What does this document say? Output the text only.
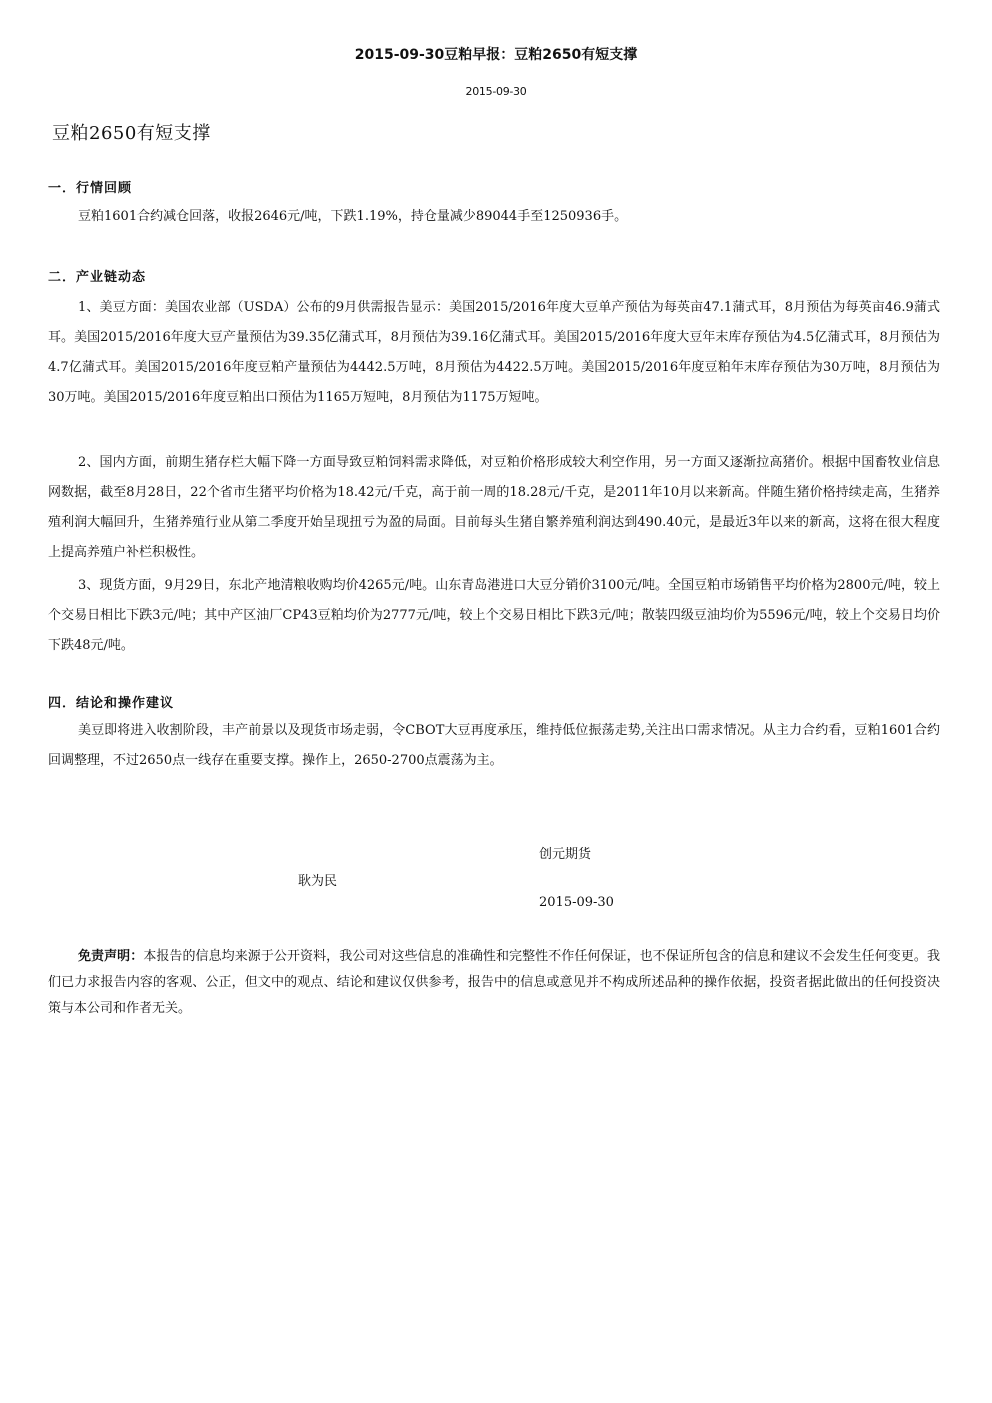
2015-09-30豆粕早报：豆粕2650有短支撑
2015-09-30
豆粕2650有短支撑
一．行情回顾
豆粕1601合约减仓回落，收报2646元/吨，下跌1.19%，持仓量减少89044手至1250936手。
二．产业链动态
1、美豆方面：美国农业部（USDA）公布的9月供需报告显示：美国2015/2016年度大豆单产预估为每英亩47.1蒲式耳，8月预估为每英亩46.9蒲式耳。美国2015/2016年度大豆产量预估为39.35亿蒲式耳，8月预估为39.16亿蒲式耳。美国2015/2016年度大豆年末库存预估为4.5亿蒲式耳，8月预估为4.7亿蒲式耳。美国2015/2016年度豆粕产量预估为4442.5万吨，8月预估为4422.5万吨。美国2015/2016年度豆粕年末库存预估为30万吨，8月预估为30万吨。美国2015/2016年度豆粕出口预估为1165万短吨，8月预估为1175万短吨。
2、国内方面，前期生猪存栏大幅下降一方面导致豆粕饲料需求降低，对豆粕价格形成较大利空作用，另一方面又逐渐拉高猪价。根据中国畜牧业信息网数据，截至8月28日，22个省市生猪平均价格为18.42元/千克，高于前一周的18.28元/千克，是2011年10月以来新高。伴随生猪价格持续走高，生猪养殖利润大幅回升，生猪养殖行业从第二季度开始呈现扭亏为盈的局面。目前每头生猪自繁养殖利润达到490.40元，是最近3年以来的新高，这将在很大程度上提高养殖户补栏积极性。
3、现货方面，9月29日，东北产地清粮收购均价4265元/吨。山东青岛港进口大豆分销价3100元/吨。全国豆粕市场销售平均价格为2800元/吨，较上个交易日相比下跌3元/吨；其中产区油厂CP43豆粕均价为2777元/吨，较上个交易日相比下跌3元/吨；散装四级豆油均价为5596元/吨，较上个交易日均价下跌48元/吨。
四．结论和操作建议
美豆即将进入收割阶段，丰产前景以及现货市场走弱，令CBOT大豆再度承压，维持低位振荡走势,关注出口需求情况。从主力合约看，豆粕1601合约回调整理，不过2650点一线存在重要支撑。操作上，2650-2700点震荡为主。
创元期货
耿为民
2015-09-30
免责声明：本报告的信息均来源于公开资料，我公司对这些信息的准确性和完整性不作任何保证，也不保证所包含的信息和建议不会发生任何变更。我们已力求报告内容的客观、公正，但文中的观点、结论和建议仅供参考，报告中的信息或意见并不构成所述品种的操作依据，投资者据此做出的任何投资决策与本公司和作者无关。
